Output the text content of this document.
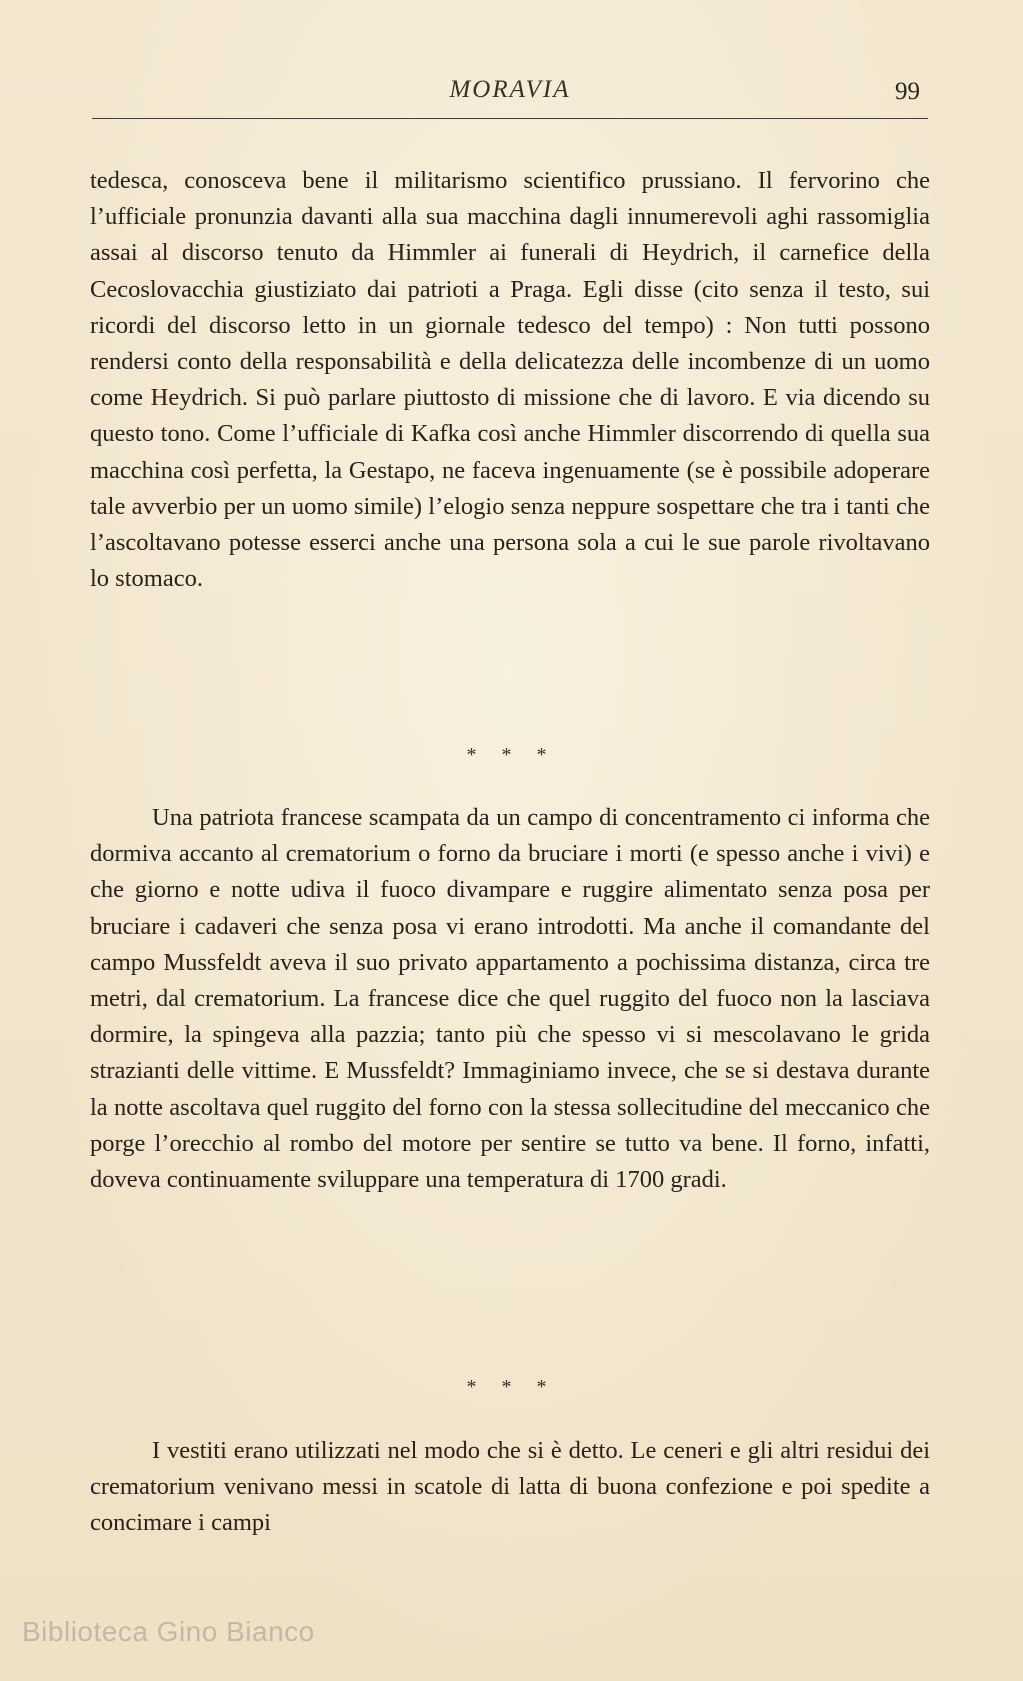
MORAVIA	99

tedesca, conosceva bene il militarismo scientifico prussiano. Il fervorino che l’ufficiale pronunzia davanti alla sua macchina dagli innumerevoli aghi rassomiglia assai al discorso tenuto da Himmler ai funerali di Heydrich, il carnefice della Cecoslovacchia giustiziato dai patrioti a Praga. Egli disse (cito senza il testo, sui ricordi del discorso letto in un giornale tedesco del tempo) : Non tutti possono rendersi conto della responsabilità e della delicatezza delle incombenze di un uomo come Heydrich. Si può parlare piuttosto di missione che di lavoro. E via dicendo su questo tono. Come l’ufficiale di Kafka così anche Himmler discorrendo di quella sua macchina così perfetta, la Gestapo, ne faceva ingenuamente (se è possibile adoperare tale avverbio per un uomo simile) l’elogio senza neppure sospettare che tra i tanti che l’ascoltavano potesse esserci anche una persona sola a cui le sue parole rivoltavano lo stomaco.

* * *

Una patriota francese scampata da un campo di concentramento ci informa che dormiva accanto al crematorium o forno da bruciare i morti (e spesso anche i vivi) e che giorno e notte udiva il fuoco divampare e ruggire alimentato senza posa per bruciare i cadaveri che senza posa vi erano introdotti. Ma anche il comandante del campo Mussfeldt aveva il suo privato appartamento a pochissima distanza, circa tre metri, dal crematorium. La francese dice che quel ruggito del fuoco non la lasciava dormire, la spingeva alla pazzia; tanto più che spesso vi si mescolavano le grida strazianti delle vittime. E Mussfeldt? Immaginiamo invece, che se si destava durante la notte ascoltava quel ruggito del forno con la stessa sollecitudine del meccanico che porge l’orecchio al rombo del motore per sentire se tutto va bene. Il forno, infatti, doveva continuamente sviluppare una temperatura di 1700 gradi.

* * *

I vestiti erano utilizzati nel modo che si è detto. Le ceneri e gli altri residui dei crematorium venivano messi in scatole di latta di buona confezione e poi spedite a concimare i campi

Biblioteca Gino Bianco
